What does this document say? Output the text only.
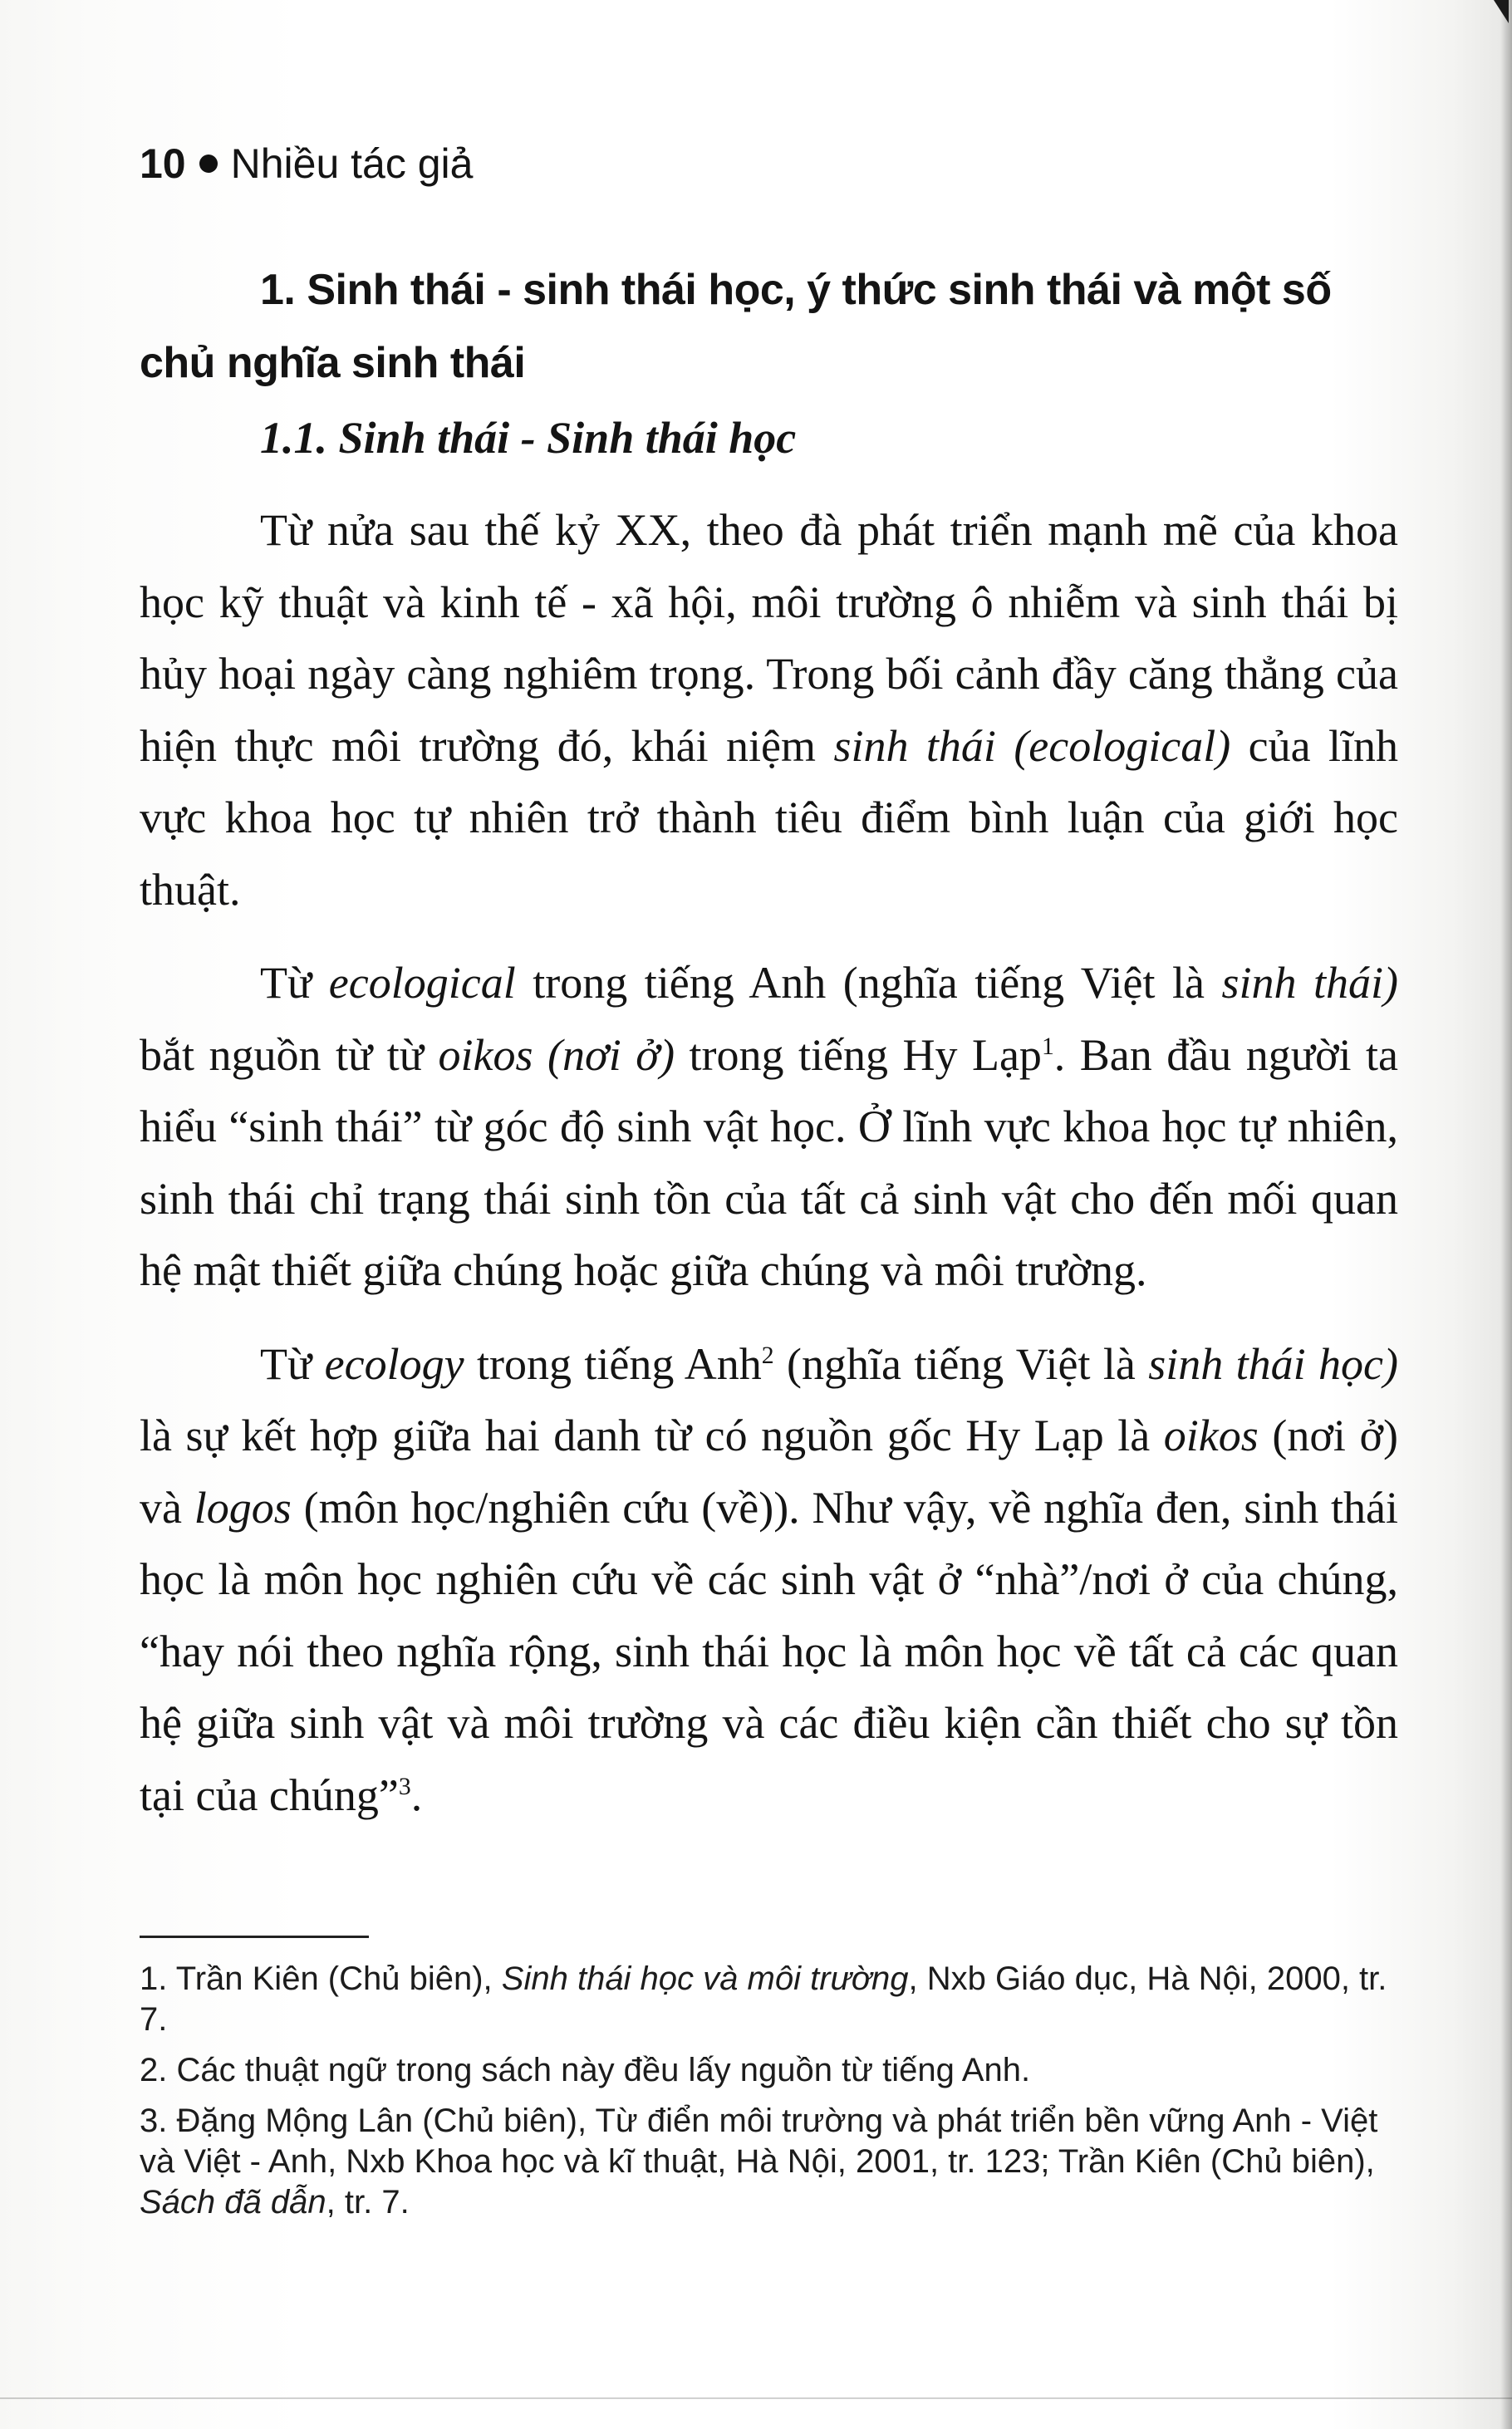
10 Nhiều tác giả

1. Sinh thái - sinh thái học, ý thức sinh thái và một số chủ nghĩa sinh thái

1.1. Sinh thái - Sinh thái học

Từ nửa sau thế kỷ XX, theo đà phát triển mạnh mẽ của khoa học kỹ thuật và kinh tế - xã hội, môi trường ô nhiễm và sinh thái bị hủy hoại ngày càng nghiêm trọng. Trong bối cảnh đầy căng thẳng của hiện thực môi trường đó, khái niệm sinh thái (ecological) của lĩnh vực khoa học tự nhiên trở thành tiêu điểm bình luận của giới học thuật.

Từ ecological trong tiếng Anh (nghĩa tiếng Việt là sinh thái) bắt nguồn từ từ oikos (nơi ở) trong tiếng Hy Lạp$^1$. Ban đầu người ta hiểu “sinh thái” từ góc độ sinh vật học. Ở lĩnh vực khoa học tự nhiên, sinh thái chỉ trạng thái sinh tồn của tất cả sinh vật cho đến mối quan hệ mật thiết giữa chúng hoặc giữa chúng và môi trường.

Từ ecology trong tiếng Anh$^2$ (nghĩa tiếng Việt là sinh thái học) là sự kết hợp giữa hai danh từ có nguồn gốc Hy Lạp là oikos (nơi ở) và logos (môn học/nghiên cứu (về)). Như vậy, về nghĩa đen, sinh thái học là môn học nghiên cứu về các sinh vật ở “nhà”/nơi ở của chúng, “hay nói theo nghĩa rộng, sinh thái học là môn học về tất cả các quan hệ giữa sinh vật và môi trường và các điều kiện cần thiết cho sự tồn tại của chúng”$^3$.

1. Trần Kiên (Chủ biên), Sinh thái học và môi trường, Nxb Giáo dục, Hà Nội, 2000, tr. 7.

2. Các thuật ngữ trong sách này đều lấy nguồn từ tiếng Anh.

3. Đặng Mộng Lân (Chủ biên), Từ điển môi trường và phát triển bền vững Anh - Việt và Việt - Anh, Nxb Khoa học và kĩ thuật, Hà Nội, 2001, tr. 123; Trần Kiên (Chủ biên), Sách đã dẫn, tr. 7.
